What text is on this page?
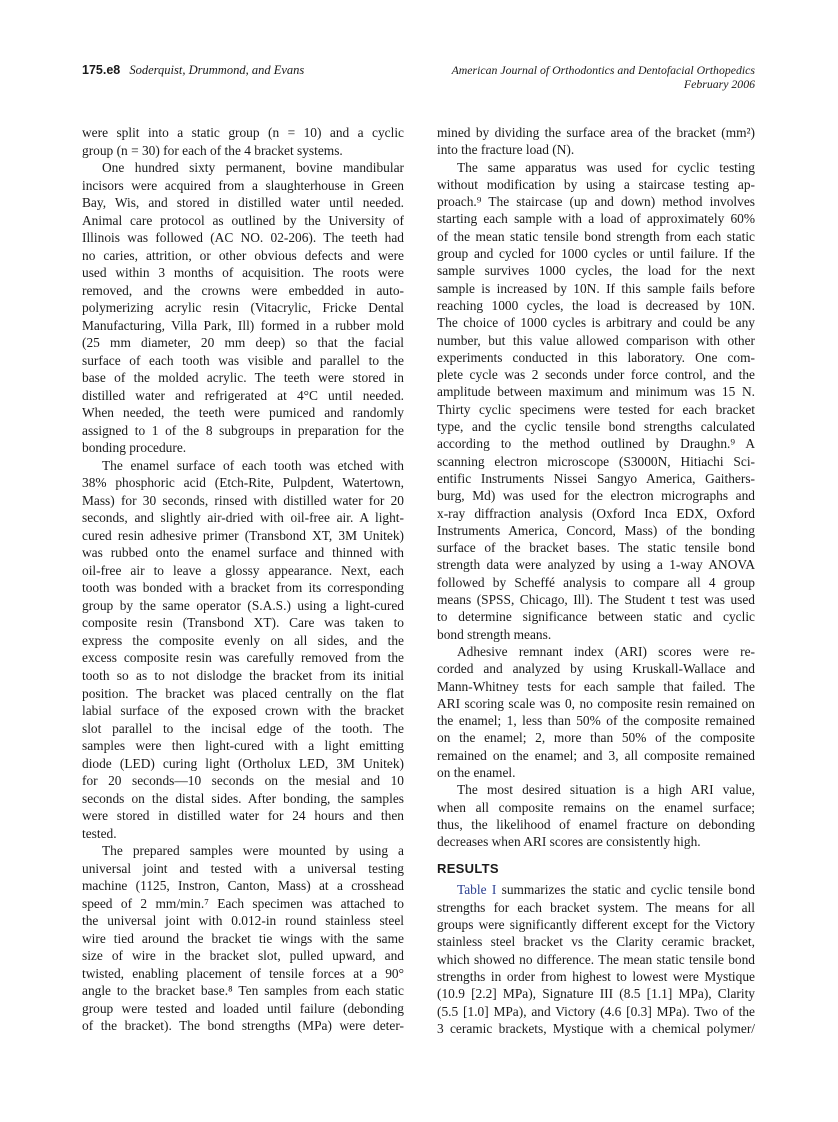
175.e8 Soderquist, Drummond, and Evans	American Journal of Orthodontics and Dentofacial Orthopedics
February 2006
were split into a static group (n = 10) and a cyclic
group (n = 30) for each of the 4 bracket systems.
One hundred sixty permanent, bovine mandibular
incisors were acquired from a slaughterhouse in Green
Bay, Wis, and stored in distilled water until needed.
Animal care protocol as outlined by the University of
Illinois was followed (AC NO. 02-206). The teeth had
no caries, attrition, or other obvious defects and were
used within 3 months of acquisition. The roots were
removed, and the crowns were embedded in auto-
polymerizing acrylic resin (Vitacrylic, Fricke Dental
Manufacturing, Villa Park, Ill) formed in a rubber mold
(25 mm diameter, 20 mm deep) so that the facial
surface of each tooth was visible and parallel to the
base of the molded acrylic. The teeth were stored in
distilled water and refrigerated at 4°C until needed.
When needed, the teeth were pumiced and randomly
assigned to 1 of the 8 subgroups in preparation for the
bonding procedure.
The enamel surface of each tooth was etched with
38% phosphoric acid (Etch-Rite, Pulpdent, Watertown,
Mass) for 30 seconds, rinsed with distilled water for 20
seconds, and slightly air-dried with oil-free air. A light-
cured resin adhesive primer (Transbond XT, 3M Unitek)
was rubbed onto the enamel surface and thinned with
oil-free air to leave a glossy appearance. Next, each
tooth was bonded with a bracket from its corresponding
group by the same operator (S.A.S.) using a light-cured
composite resin (Transbond XT). Care was taken to
express the composite evenly on all sides, and the
excess composite resin was carefully removed from the
tooth so as to not dislodge the bracket from its initial
position. The bracket was placed centrally on the flat
labial surface of the exposed crown with the bracket
slot parallel to the incisal edge of the tooth. The
samples were then light-cured with a light emitting
diode (LED) curing light (Ortholux LED, 3M Unitek)
for 20 seconds—10 seconds on the mesial and 10
seconds on the distal sides. After bonding, the samples
were stored in distilled water for 24 hours and then
tested.
The prepared samples were mounted by using a
universal joint and tested with a universal testing
machine (1125, Instron, Canton, Mass) at a crosshead
speed of 2 mm/min.⁷ Each specimen was attached to
the universal joint with 0.012-in round stainless steel
wire tied around the bracket tie wings with the same
size of wire in the bracket slot, pulled upward, and
twisted, enabling placement of tensile forces at a 90°
angle to the bracket base.⁸ Ten samples from each static
group were tested and loaded until failure (debonding
of the bracket). The bond strengths (MPa) were deter-
mined by dividing the surface area of the bracket (mm²)
into the fracture load (N).
The same apparatus was used for cyclic testing
without modification by using a staircase testing ap-
proach.⁹ The staircase (up and down) method involves
starting each sample with a load of approximately 60%
of the mean static tensile bond strength from each static
group and cycled for 1000 cycles or until failure. If the
sample survives 1000 cycles, the load for the next
sample is increased by 10N. If this sample fails before
reaching 1000 cycles, the load is decreased by 10N.
The choice of 1000 cycles is arbitrary and could be any
number, but this value allowed comparison with other
experiments conducted in this laboratory. One com-
plete cycle was 2 seconds under force control, and the
amplitude between maximum and minimum was 15 N.
Thirty cyclic specimens were tested for each bracket
type, and the cyclic tensile bond strengths calculated
according to the method outlined by Draughn.⁹ A
scanning electron microscope (S3000N, Hitiachi Sci-
entific Instruments Nissei Sangyo America, Gaithers-
burg, Md) was used for the electron micrographs and
x-ray diffraction analysis (Oxford Inca EDX, Oxford
Instruments America, Concord, Mass) of the bonding
surface of the bracket bases. The static tensile bond
strength data were analyzed by using a 1-way ANOVA
followed by Scheffé analysis to compare all 4 group
means (SPSS, Chicago, Ill). The Student t test was used
to determine significance between static and cyclic
bond strength means.
Adhesive remnant index (ARI) scores were re-
corded and analyzed by using Kruskall-Wallace and
Mann-Whitney tests for each sample that failed. The
ARI scoring scale was 0, no composite resin remained on
the enamel; 1, less than 50% of the composite remained
on the enamel; 2, more than 50% of the composite
remained on the enamel; and 3, all composite remained
on the enamel.
The most desired situation is a high ARI value,
when all composite remains on the enamel surface;
thus, the likelihood of enamel fracture on debonding
decreases when ARI scores are consistently high.
RESULTS
Table I summarizes the static and cyclic tensile bond
strengths for each bracket system. The means for all
groups were significantly different except for the Victory
stainless steel bracket vs the Clarity ceramic bracket,
which showed no difference. The mean static tensile bond
strengths in order from highest to lowest were Mystique
(10.9 [2.2] MPa), Signature III (8.5 [1.1] MPa), Clarity
(5.5 [1.0] MPa), and Victory (4.6 [0.3] MPa). Two of the
3 ceramic brackets, Mystique with a chemical polymer/
